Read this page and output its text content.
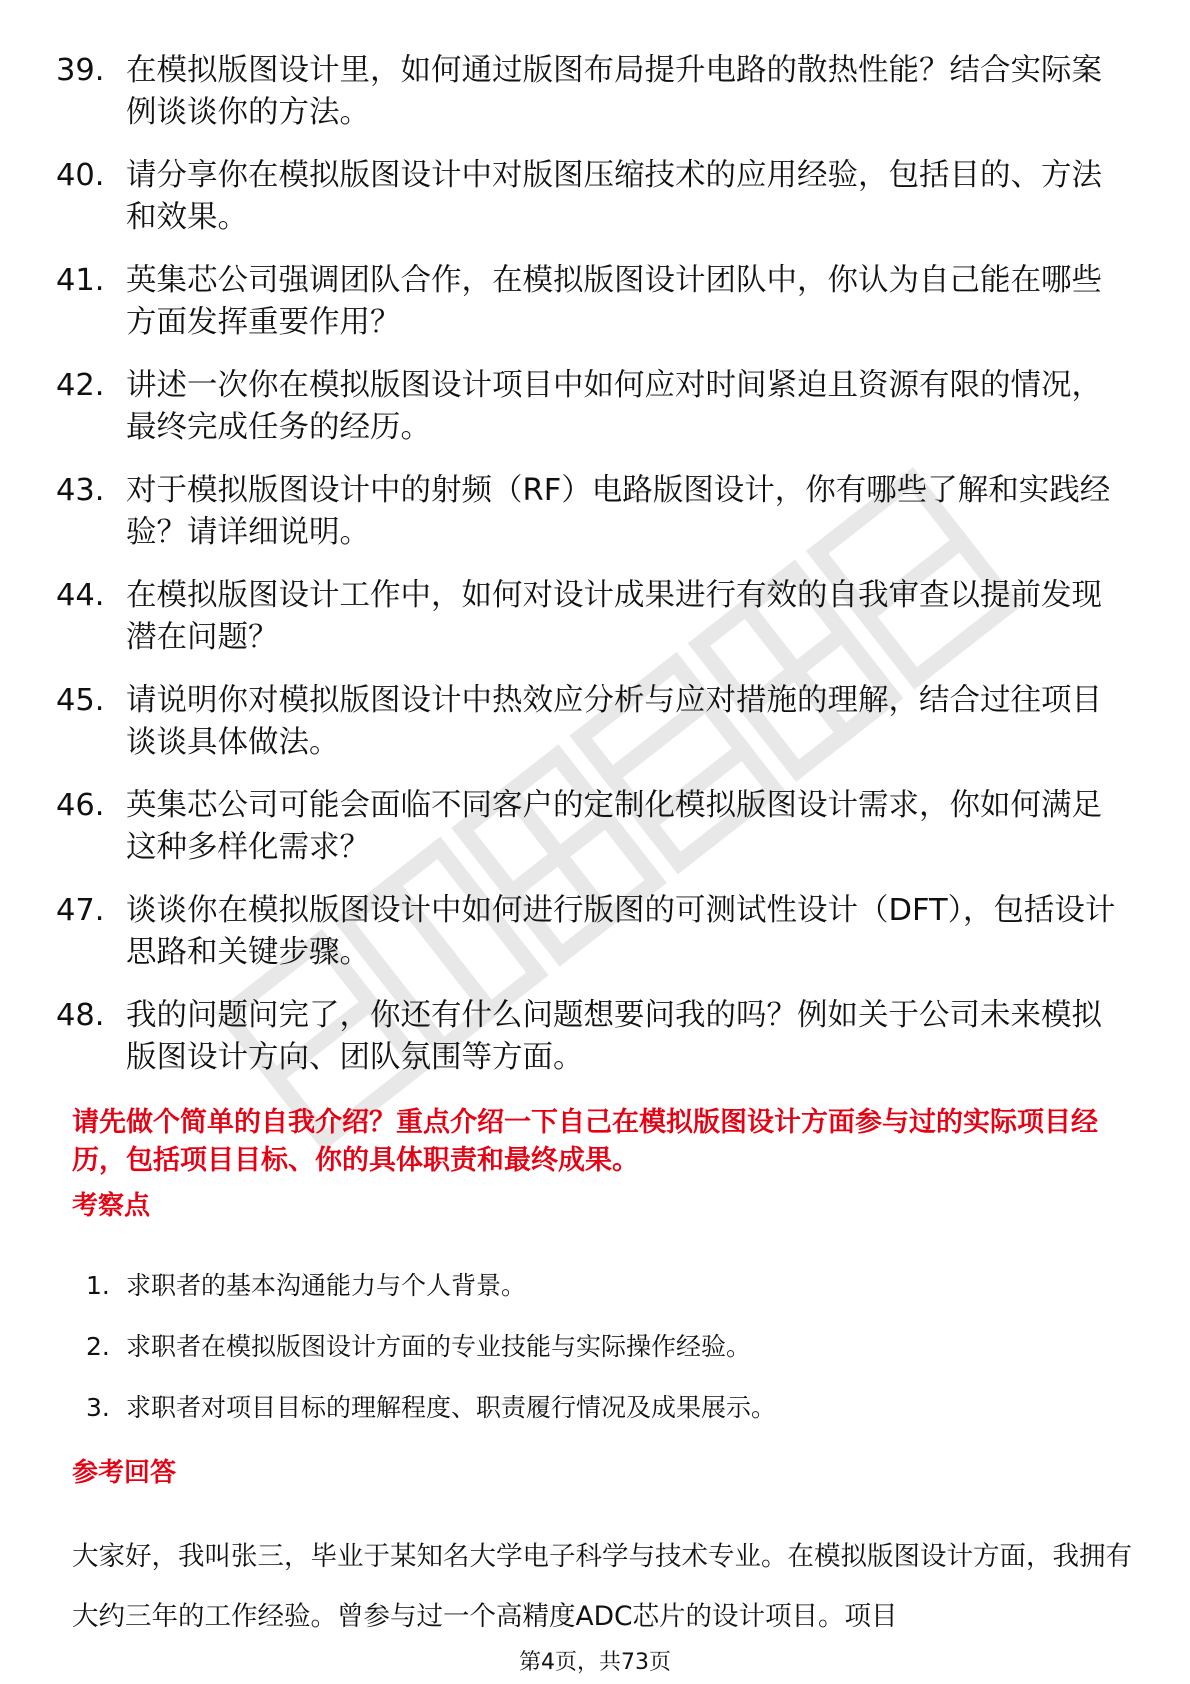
39. 在模拟版图设计里，如何通过版图布局提升电路的散热性能？结合实际案例谈谈你的方法。
40. 请分享你在模拟版图设计中对版图压缩技术的应用经验，包括目的、方法和效果。
41. 英集芯公司强调团队合作，在模拟版图设计团队中，你认为自己能在哪些方面发挥重要作用？
42. 讲述一次你在模拟版图设计项目中如何应对时间紧迫且资源有限的情况，最终完成任务的经历。
43. 对于模拟版图设计中的射频（RF）电路版图设计，你有哪些了解和实践经验？请详细说明。
44. 在模拟版图设计工作中，如何对设计成果进行有效的自我审查以提前发现潜在问题？
45. 请说明你对模拟版图设计中热效应分析与应对措施的理解，结合过往项目谈谈具体做法。
46. 英集芯公司可能会面临不同客户的定制化模拟版图设计需求，你如何满足这种多样化需求？
47. 谈谈你在模拟版图设计中如何进行版图的可测试性设计（DFT），包括设计思路和关键步骤。
48. 我的问题问完了，你还有什么问题想要问我的吗？例如关于公司未来模拟版图设计方向、团队氛围等方面。
请先做个简单的自我介绍？重点介绍一下自己在模拟版图设计方面参与过的实际项目经历，包括项目目标、你的具体职责和最终成果。
考察点
1. 求职者的基本沟通能力与个人背景。
2. 求职者在模拟版图设计方面的专业技能与实际操作经验。
3. 求职者对项目目标的理解程度、职责履行情况及成果展示。
参考回答

大家好，我叫张三，毕业于某知名大学电子科学与技术专业。在模拟版图设计方面，我拥有大约三年的工作经验。曾参与过一个高精度ADC芯片的设计项目。项目

第4页，共73页
